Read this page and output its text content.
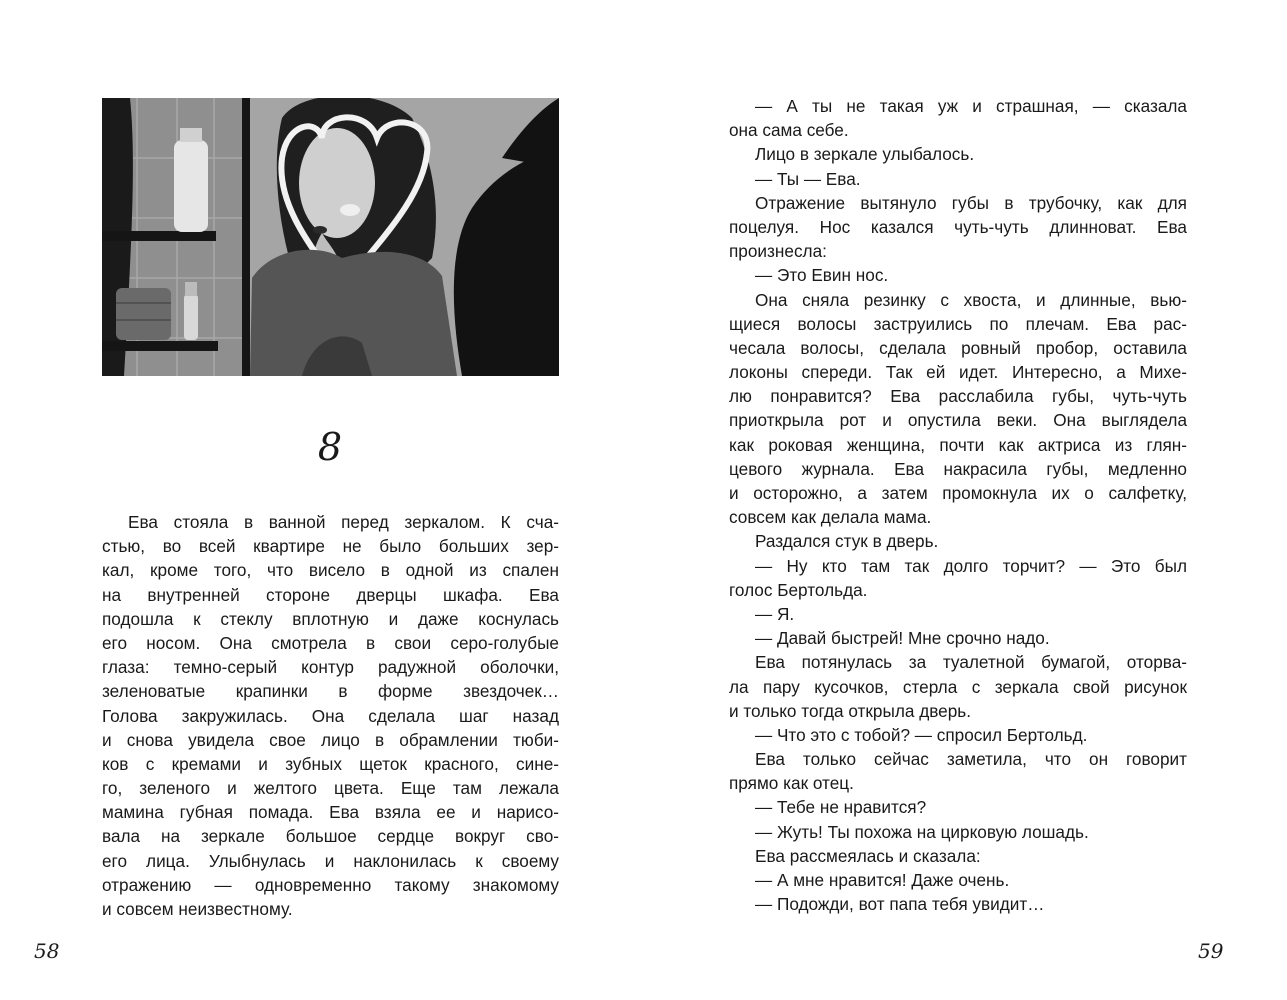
8
Ева стояла в ванной перед зеркалом. К сча-
стью, во всей квартире не было больших зер-
кал, кроме того, что висело в одной из спален
на внутренней стороне дверцы шкафа. Ева
подошла к стеклу вплотную и даже коснулась
его носом. Она смотрела в свои серо-голубые
глаза: темно-серый контур радужной оболочки,
зеленоватые крапинки в форме звездочек…
Голова закружилась. Она сделала шаг назад
и снова увидела свое лицо в обрамлении тюби-
ков с кремами и зубных щеток красного, сине-
го, зеленого и желтого цвета. Еще там лежала
мамина губная помада. Ева взяла ее и нарисо-
вала на зеркале большое сердце вокруг сво-
его лица. Улыбнулась и наклонилась к своему
отражению — одновременно такому знакомому
и совсем неизвестному.
58
— А ты не такая уж и страшная, — сказала
она сама себе.
Лицо в зеркале улыбалось.
— Ты — Ева.
Отражение вытянуло губы в трубочку, как для
поцелуя. Нос казался чуть-чуть длинноват. Ева
произнесла:
— Это Евин нос.
Она сняла резинку с хвоста, и длинные, вью-
щиеся волосы заструились по плечам. Ева рас-
чесала волосы, сделала ровный пробор, оставила
локоны спереди. Так ей идет. Интересно, а Михе-
лю понравится? Ева расслабила губы, чуть-чуть
приоткрыла рот и опустила веки. Она выглядела
как роковая женщина, почти как актриса из глян-
цевого журнала. Ева накрасила губы, медленно
и осторожно, а затем промокнула их о салфетку,
совсем как делала мама.
Раздался стук в дверь.
— Ну кто там так долго торчит? — Это был
голос Бертольда.
— Я.
— Давай быстрей! Мне срочно надо.
Ева потянулась за туалетной бумагой, оторва-
ла пару кусочков, стерла с зеркала свой рисунок
и только тогда открыла дверь.
— Что это с тобой? — спросил Бертольд.
Ева только сейчас заметила, что он говорит
прямо как отец.
— Тебе не нравится?
— Жуть! Ты похожа на цирковую лошадь.
Ева рассмеялась и сказала:
— А мне нравится! Даже очень.
— Подожди, вот папа тебя увидит…
59
